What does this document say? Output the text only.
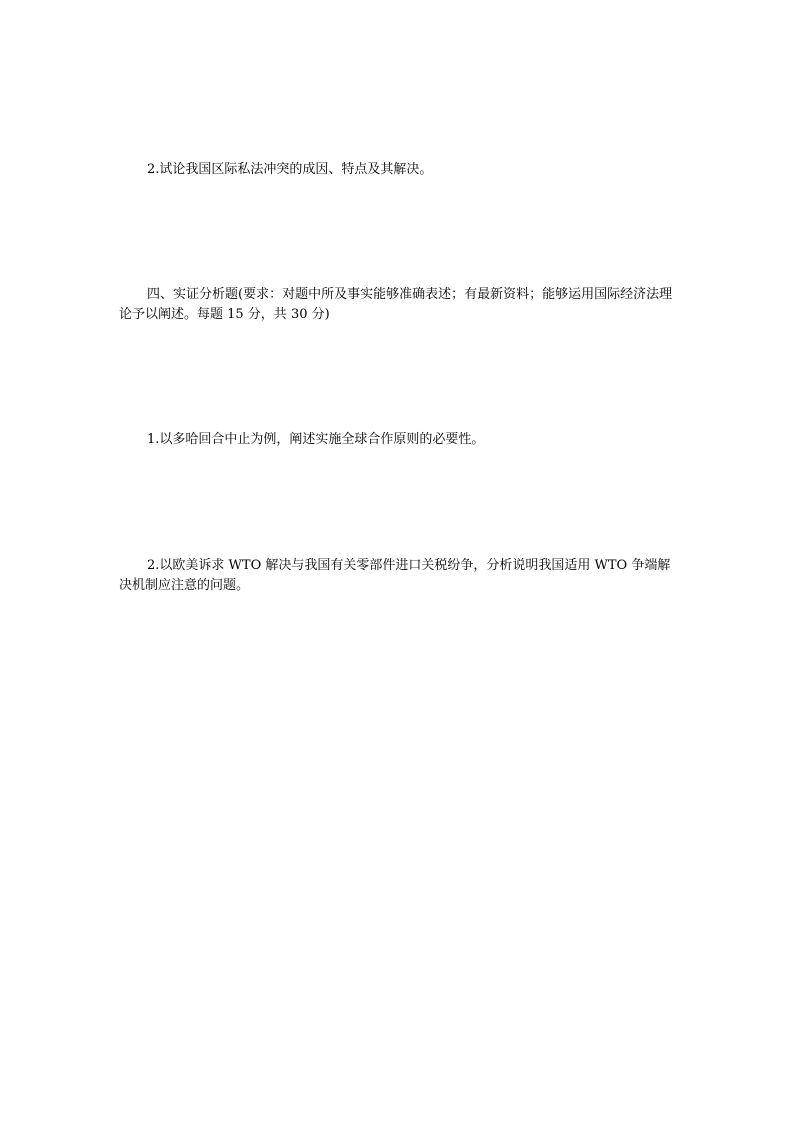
2.试论我国区际私法冲突的成因、特点及其解决。

四、实证分析题(要求：对题中所及事实能够准确表述；有最新资料；能够运用国际经济法理论予以阐述。每题 15 分，共 30 分)

1.以多哈回合中止为例，阐述实施全球合作原则的必要性。

2.以欧美诉求 WTO 解决与我国有关零部件进口关税纷争，分析说明我国适用 WTO 争端解决机制应注意的问题。
